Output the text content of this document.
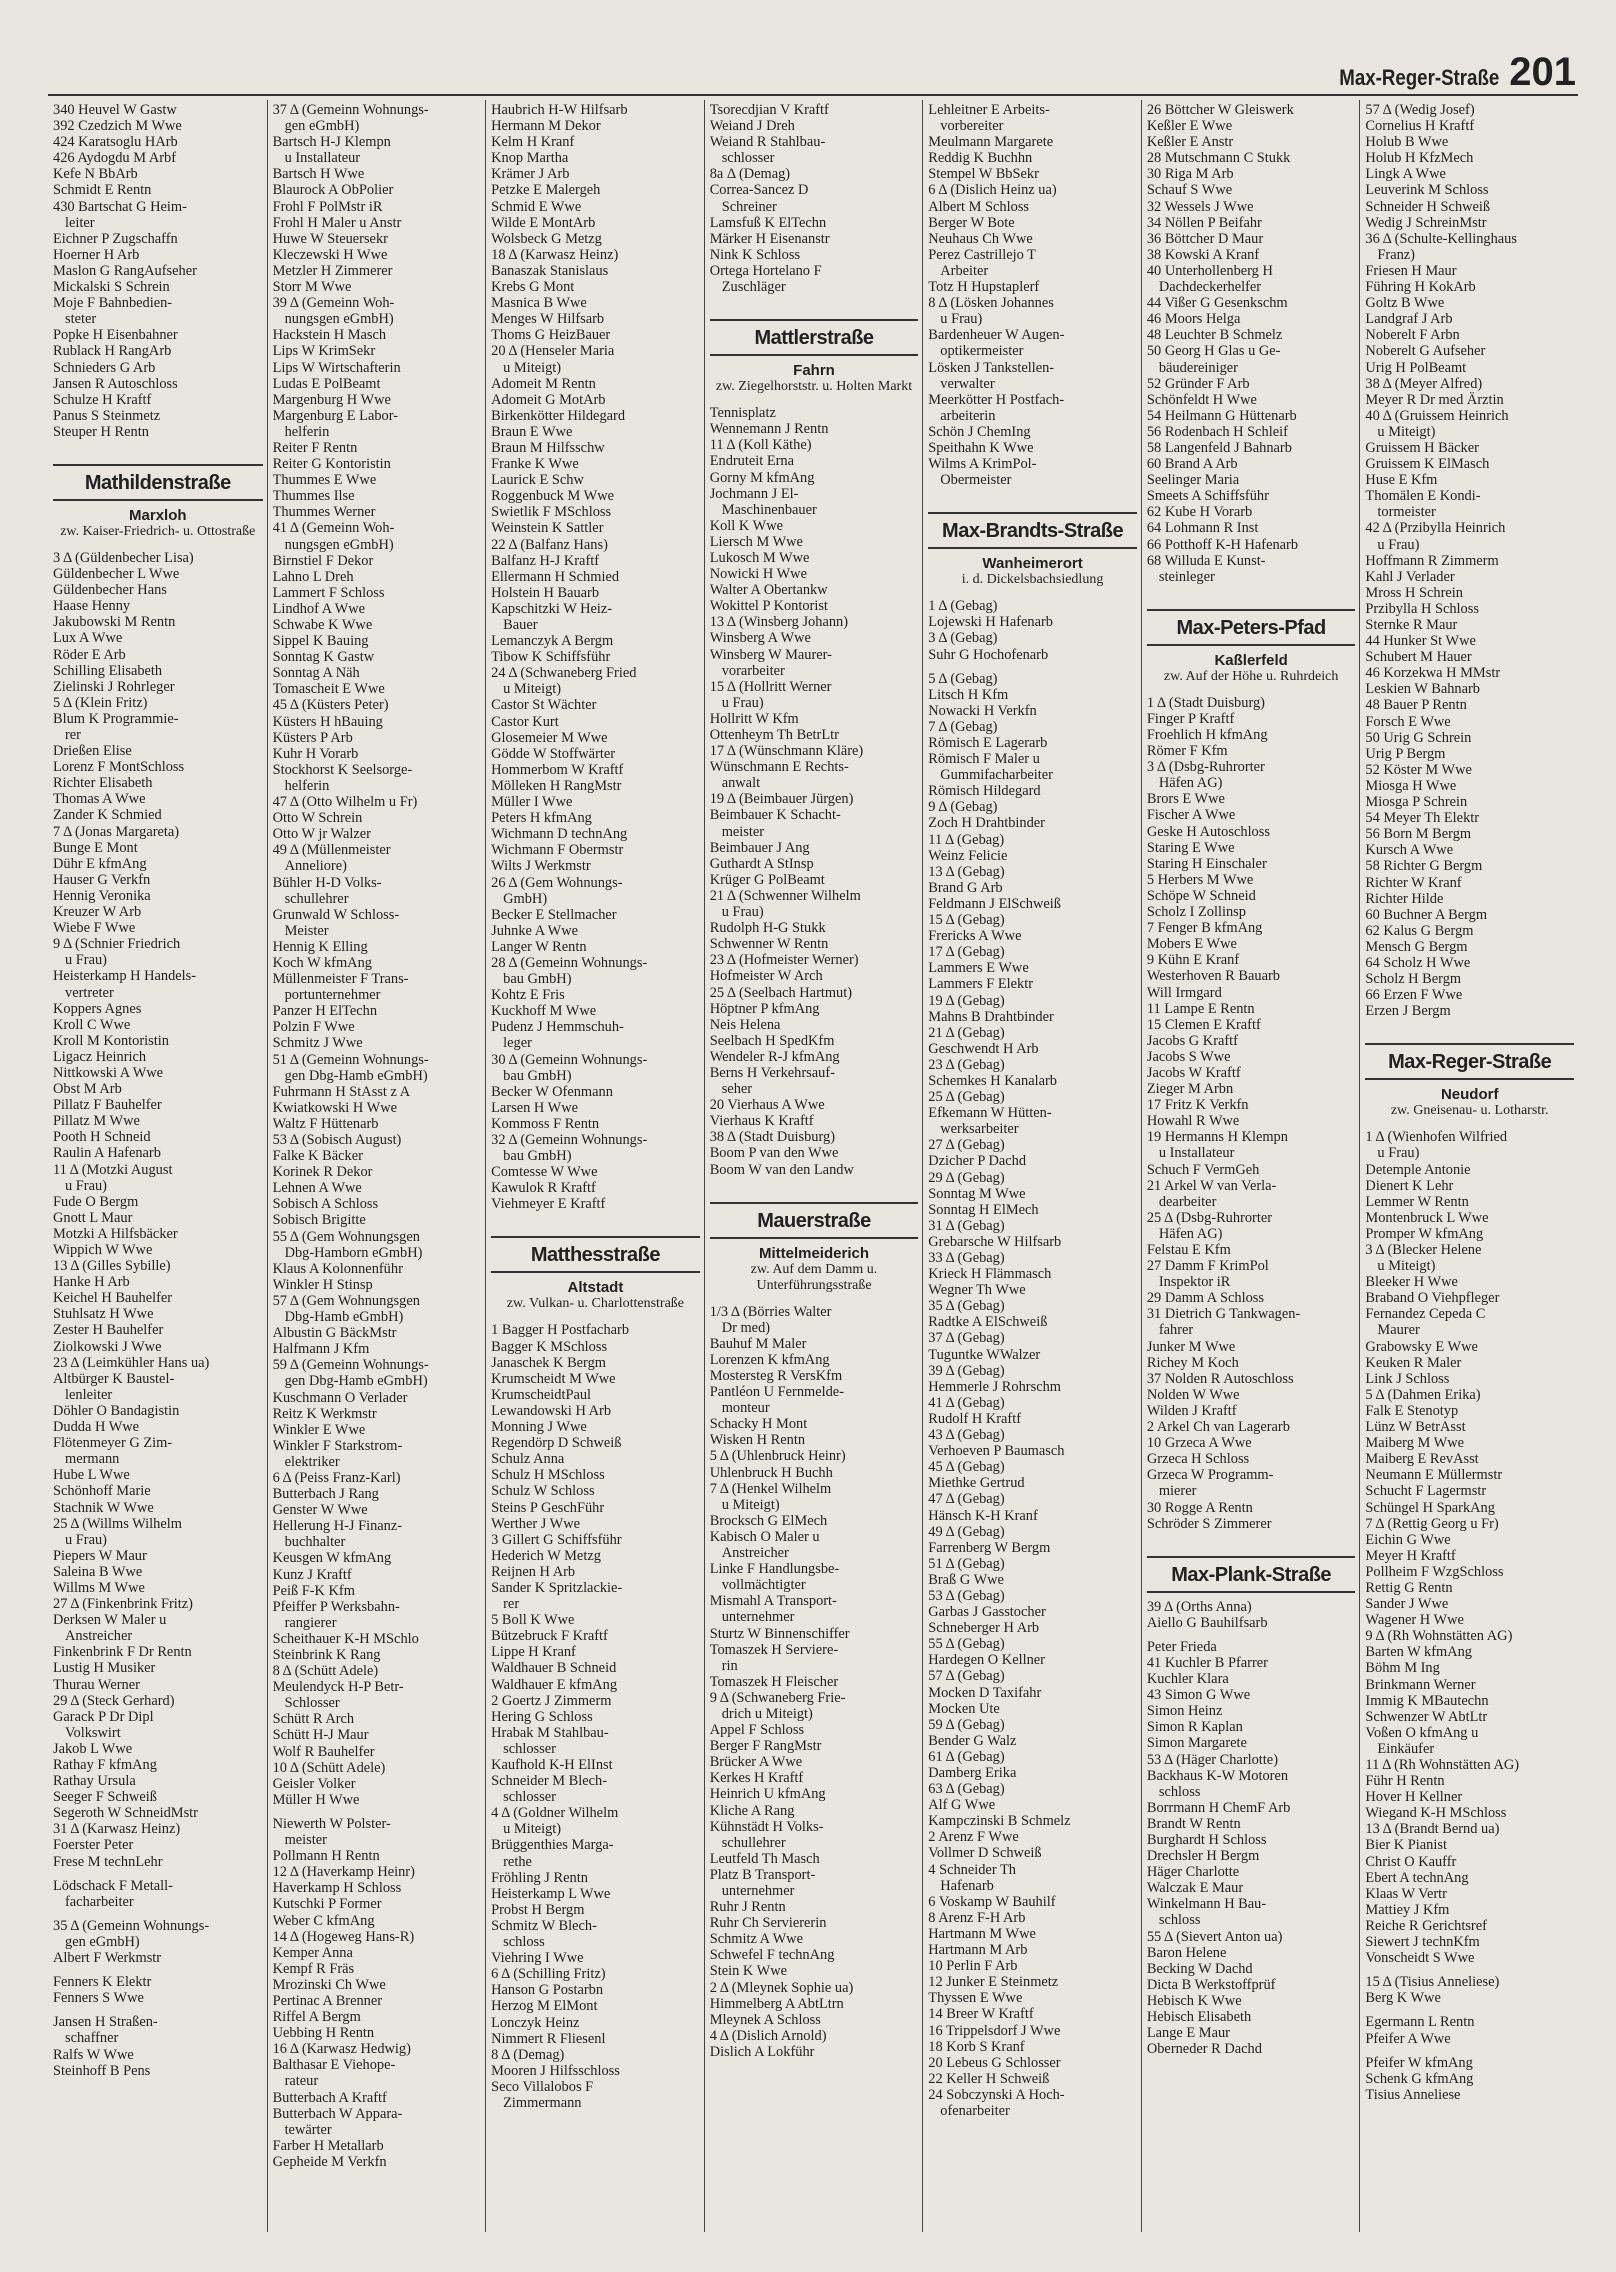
Max-Reger-Straße 201
340 Heuvel W Gastw
392 Czedzich M Wwe
424 Karatsoglu HArb
426 Aydogdu M Arbf
Kefe N BbArb
Schmidt E Rentn
430 Bartschat G Heim-
leiter
Eichner P Zugschaffn
Hoerner H Arb
Maslon G RangAufseher
Mickalski S Schrein
Moje F Bahnbedien-
steter
Popke H Eisenbahner
Rublack H RangArb
Schnieders G Arb
Jansen R Autoschloss
Schulze H Kraftf
Panus S Steinmetz
Steuper H Rentn
Mathildenstraße
Marxloh
zw. Kaiser-Friedrich- u. Ottostraße
3 Δ (Güldenbecher Lisa)
Güldenbecher L Wwe
Güldenbecher Hans
Haase Henny
Jakubowski M Rentn
Lux A Wwe
Röder E Arb
Schilling Elisabeth
Zielinski J Rohrleger
5 Δ (Klein Fritz)
Blum K Programmie-
rer
Drießen Elise
Lorenz F MontSchloss
Richter Elisabeth
Thomas A Wwe
Zander K Schmied
7 Δ (Jonas Margareta)
Bunge E Mont
Dühr E kfmAng
Hauser G Verkfn
Hennig Veronika
Kreuzer W Arb
Wiebe F Wwe
9 Δ (Schnier Friedrich
u Frau)
Heisterkamp H Handels-
vertreter
Koppers Agnes
Kroll C Wwe
Kroll M Kontoristin
Ligacz Heinrich
Nittkowski A Wwe
Obst M Arb
Pillatz F Bauhelfer
Pillatz M Wwe
Pooth H Schneid
Raulin A Hafenarb
11 Δ (Motzki August
u Frau)
Fude O Bergm
Gnott L Maur
Motzki A Hilfsbäcker
Wippich W Wwe
13 Δ (Gilles Sybille)
Hanke H Arb
Keichel H Bauhelfer
Stuhlsatz H Wwe
Zester H Bauhelfer
Ziolkowski J Wwe
23 Δ (Leimkühler Hans ua)
Altbürger K Baustel-
lenleiter
Döhler O Bandagistin
Dudda H Wwe
Flötenmeyer G Zim-
mermann
Hube L Wwe
Schönhoff Marie
Stachnik W Wwe
25 Δ (Willms Wilhelm
u Frau)
Piepers W Maur
Saleina B Wwe
Willms M Wwe
27 Δ (Finkenbrink Fritz)
Derksen W Maler u
Anstreicher
Finkenbrink F Dr Rentn
Lustig H Musiker
Thurau Werner
29 Δ (Steck Gerhard)
Garack P Dr Dipl
Volkswirt
Jakob L Wwe
Rathay F kfmAng
Rathay Ursula
Seeger F Schweiß
Segeroth W SchneidMstr
31 Δ (Karwasz Heinz)
Foerster Peter
Frese M technLehr
Lödschack F Metall-
facharbeiter
35 Δ (Gemeinn Wohnungs-
gen eGmbH)
Albert F Werkmstr
Fenners K Elektr
Fenners S Wwe
Jansen H Straßen-
schaffner
Ralfs W Wwe
Steinhoff B Pens
37 Δ (Gemeinn Wohnungs-
gen eGmbH)
Bartsch H-J Klempn
u Installateur
Bartsch H Wwe
Blaurock A ObPolier
Frohl F PolMstr iR
Frohl H Maler u Anstr
Huwe W Steuersekr
Kleczewski H Wwe
Metzler H Zimmerer
Storr M Wwe
39 Δ (Gemeinn Woh-
nungsgen eGmbH)
Hackstein H Masch
Lips W KrimSekr
Lips W Wirtschafterin
Ludas E PolBeamt
Margenburg H Wwe
Margenburg E Labor-
helferin
Reiter F Rentn
Reiter G Kontoristin
Thummes E Wwe
Thummes Ilse
Thummes Werner
41 Δ (Gemeinn Woh-
nungsgen eGmbH)
Birnstiel F Dekor
Lahno L Dreh
Lammert F Schloss
Lindhof A Wwe
Schwabe K Wwe
Sippel K Bauing
Sonntag K Gastw
Sonntag A Näh
Tomascheit E Wwe
45 Δ (Küsters Peter)
Küsters H hBauing
Küsters P Arb
Kuhr H Vorarb
Stockhorst K Seelsorge-
helferin
47 Δ (Otto Wilhelm u Fr)
Otto W Schrein
Otto W jr Walzer
49 Δ (Müllenmeister
Anneliore)
Bühler H-D Volks-
schullehrer
Grunwald W Schloss-
Meister
Hennig K Elling
Koch W kfmAng
Müllenmeister F Trans-
portunternehmer
Panzer H ElTechn
Polzin F Wwe
Schmitz J Wwe
51 Δ (Gemeinn Wohnungs-
gen Dbg-Hamb eGmbH)
Fuhrmann H StAsst z A
Kwiatkowski H Wwe
Waltz F Hüttenarb
53 Δ (Sobisch August)
Falke K Bäcker
Korinek R Dekor
Lehnen A Wwe
Sobisch A Schloss
Sobisch Brigitte
55 Δ (Gem Wohnungsgen
Dbg-Hamborn eGmbH)
Klaus A Kolonnenführ
Winkler H Stinsp
57 Δ (Gem Wohnungsgen
Dbg-Hamb eGmbH)
Albustin G BäckMstr
Halfmann J Kfm
59 Δ (Gemeinn Wohnungs-
gen Dbg-Hamb eGmbH)
Kuschmann O Verlader
Reitz K Werkmstr
Winkler E Wwe
Winkler F Starkstrom-
elektriker
6 Δ (Peiss Franz-Karl)
Butterbach J Rang
Genster W Wwe
Hellerung H-J Finanz-
buchhalter
Keusgen W kfmAng
Kunz J Kraftf
Peiß F-K Kfm
Pfeiffer P Werksbahn-
rangierer
Scheithauer K-H MSchlo
Steinbrink K Rang
8 Δ (Schütt Adele)
Meulendyck H-P Betr-
Schlosser
Schütt R Arch
Schütt H-J Maur
Wolf R Bauhelfer
10 Δ (Schütt Adele)
Geisler Volker
Müller H Wwe
Niewerth W Polster-
meister
Pollmann H Rentn
12 Δ (Haverkamp Heinr)
Haverkamp H Schloss
Kutschki P Former
Weber C kfmAng
14 Δ (Hogeweg Hans-R)
Kemper Anna
Kempf R Fräs
Mrozinski Ch Wwe
Pertinac A Brenner
Riffel A Bergm
Uebbing H Rentn
16 Δ (Karwasz Hedwig)
Balthasar E Viehope-
rateur
Butterbach A Kraftf
Butterbach W Appara-
tewärter
Farber H Metallarb
Gepheide M Verkfn
Haubrich H-W Hilfsarb
Hermann M Dekor
Kelm H Kranf
Knop Martha
Krämer J Arb
Petzke E Malergeh
Schmid E Wwe
Wilde E MontArb
Wolsbeck G Metzg
18 Δ (Karwasz Heinz)
Banaszak Stanislaus
Krebs G Mont
Masnica B Wwe
Menges W Hilfsarb
Thoms G HeizBauer
20 Δ (Henseler Maria
u Miteigt)
Adomeit M Rentn
Adomeit G MotArb
Birkenkötter Hildegard
Braun E Wwe
Braun M Hilfsschw
Franke K Wwe
Laurick E Schw
Roggenbuck M Wwe
Swietlik F MSchloss
Weinstein K Sattler
22 Δ (Balfanz Hans)
Balfanz H-J Kraftf
Ellermann H Schmied
Holstein H Bauarb
Kapschitzki W Heiz-
Bauer
Lemanczyk A Bergm
Tibow K Schiffsführ
24 Δ (Schwaneberg Fried
u Miteigt)
Castor St Wächter
Castor Kurt
Glosemeier M Wwe
Gödde W Stoffwärter
Hommerbom W Kraftf
Mölleken H RangMstr
Müller I Wwe
Peters H kfmAng
Wichmann D technAng
Wichmann F Obermstr
Wilts J Werkmstr
26 Δ (Gem Wohnungs-
GmbH)
Becker E Stellmacher
Juhnke A Wwe
Langer W Rentn
28 Δ (Gemeinn Wohnungs-
bau GmbH)
Kohtz E Fris
Kuckhoff M Wwe
Pudenz J Hemmschuh-
leger
30 Δ (Gemeinn Wohnungs-
bau GmbH)
Becker W Ofenmann
Larsen H Wwe
Kommoss F Rentn
32 Δ (Gemeinn Wohnungs-
bau GmbH)
Comtesse W Wwe
Kawulok R Kraftf
Viehmeyer E Kraftf
Matthesstraße
Altstadt
zw. Vulkan- u. Charlottenstraße
1 Bagger H Postfacharb
Bagger K MSchloss
Janaschek K Bergm
Krumscheidt M Wwe
KrumscheidtPaul
Lewandowski H Arb
Monning J Wwe
Regendörp D Schweiß
Schulz Anna
Schulz H MSchloss
Schulz W Schloss
Steins P GeschFühr
Werther J Wwe
3 Gillert G Schiffsführ
Hederich W Metzg
Reijnen H Arb
Sander K Spritzlackie-
rer
5 Boll K Wwe
Bützebruck F Kraftf
Lippe H Kranf
Waldhauer B Schneid
Waldhauer E kfmAng
2 Goertz J Zimmerm
Hering G Schloss
Hrabak M Stahlbau-
schlosser
Kaufhold K-H ElInst
Schneider M Blech-
schlosser
4 Δ (Goldner Wilhelm
u Miteigt)
Brüggenthies Marga-
rethe
Fröhling J Rentn
Heisterkamp L Wwe
Probst H Bergm
Schmitz W Blech-
schloss
Viehring I Wwe
6 Δ (Schilling Fritz)
Hanson G Postarbn
Herzog M ElMont
Lonczyk Heinz
Nimmert R Fliesenl
8 Δ (Demag)
Mooren J Hilfsschloss
Seco Villalobos F
Zimmermann
Tsorecdjian V Kraftf
Weiand J Dreh
Weiand R Stahlbau-
schlosser
8a Δ (Demag)
Correa-Sancez D
Schreiner
Lamsfuß K ElTechn
Märker H Eisenanstr
Nink K Schloss
Ortega Hortelano F
Zuschläger
Mattlerstraße
Fahrn
zw. Ziegelhorststr. u. Holten Markt
Tennisplatz
Wennemann J Rentn
11 Δ (Koll Käthe)
Endruteit Erna
Gorny M kfmAng
Jochmann J El-
Maschinenbauer
Koll K Wwe
Liersch M Wwe
Lukosch M Wwe
Nowicki H Wwe
Walter A Obertankw
Wokittel P Kontorist
13 Δ (Winsberg Johann)
Winsberg A Wwe
Winsberg W Maurer-
vorarbeiter
15 Δ (Hollritt Werner
u Frau)
Hollritt W Kfm
Ottenheym Th BetrLtr
17 Δ (Wünschmann Kläre)
Wünschmann E Rechts-
anwalt
19 Δ (Beimbauer Jürgen)
Beimbauer K Schacht-
meister
Beimbauer J Ang
Guthardt A StInsp
Krüger G PolBeamt
21 Δ (Schwenner Wilhelm
u Frau)
Rudolph H-G Stukk
Schwenner W Rentn
23 Δ (Hofmeister Werner)
Hofmeister W Arch
25 Δ (Seelbach Hartmut)
Höptner P kfmAng
Neis Helena
Seelbach H SpedKfm
Wendeler R-J kfmAng
Berns H Verkehrsauf-
seher
20 Vierhaus A Wwe
Vierhaus K Kraftf
38 Δ (Stadt Duisburg)
Boom P van den Wwe
Boom W van den Landw
Mauerstraße
Mittelmeiderich
zw. Auf dem Damm u. Unterführungsstraße
1/3 Δ (Börries Walter
Dr med)
Bauhuf M Maler
Lorenzen K kfmAng
Mostersteg R VersKfm
Pantléon U Fernmelde-
monteur
Schacky H Mont
Wisken H Rentn
5 Δ (Uhlenbruck Heinr)
Uhlenbruck H Buchh
7 Δ (Henkel Wilhelm
u Miteigt)
Brocksch G ElMech
Kabisch O Maler u
Anstreicher
Linke F Handlungsbe-
vollmächtigter
Mismahl A Transport-
unternehmer
Sturtz W Binnenschiffer
Tomaszek H Serviere-
rin
Tomaszek H Fleischer
9 Δ (Schwaneberg Frie-
drich u Miteigt)
Appel F Schloss
Berger F RangMstr
Brücker A Wwe
Kerkes H Kraftf
Heinrich U kfmAng
Kliche A Rang
Kühnstädt H Volks-
schullehrer
Leutfeld Th Masch
Platz B Transport-
unternehmer
Ruhr J Rentn
Ruhr Ch Serviererin
Schmitz A Wwe
Schwefel F technAng
Stein K Wwe
2 Δ (Mleynek Sophie ua)
Himmelberg A AbtLtrn
Mleynek A Schloss
4 Δ (Dislich Arnold)
Dislich A Lokführ
Lehleitner E Arbeits-
vorbereiter
Meulmann Margarete
Reddig K Buchhn
Stempel W BbSekr
6 Δ (Dislich Heinz ua)
Albert M Schloss
Berger W Bote
Neuhaus Ch Wwe
Perez Castrillejo T
Arbeiter
Totz H Hupstaplerf
8 Δ (Lösken Johannes
u Frau)
Bardenheuer W Augen-
optikermeister
Lösken J Tankstellen-
verwalter
Meerkötter H Postfach-
arbeiterin
Schön J ChemIng
Speithahn K Wwe
Wilms A KrimPol-
Obermeister
Max-Brandts-Straße
Wanheimerort
i. d. Dickelsbachsiedlung
1 Δ (Gebag)
Lojewski H Hafenarb
3 Δ (Gebag)
Suhr G Hochofenarb
5 Δ (Gebag)
Litsch H Kfm
Nowacki H Verkfn
7 Δ (Gebag)
Römisch E Lagerarb
Römisch F Maler u
Gummifacharbeiter
Römisch Hildegard
9 Δ (Gebag)
Zoch H Drahtbinder
11 Δ (Gebag)
Weinz Felicie
13 Δ (Gebag)
Brand G Arb
Feldmann J ElSchweiß
15 Δ (Gebag)
Frericks A Wwe
17 Δ (Gebag)
Lammers E Wwe
Lammers F Elektr
19 Δ (Gebag)
Mahns B Drahtbinder
21 Δ (Gebag)
Geschwendt H Arb
23 Δ (Gebag)
Schemkes H Kanalarb
25 Δ (Gebag)
Efkemann W Hütten-
werksarbeiter
27 Δ (Gebag)
Dzicher P Dachd
29 Δ (Gebag)
Sonntag M Wwe
Sonntag H ElMech
31 Δ (Gebag)
Grebarsche W Hilfsarb
33 Δ (Gebag)
Krieck H Flämmasch
Wegner Th Wwe
35 Δ (Gebag)
Radtke A ElSchweiß
37 Δ (Gebag)
Tuguntke WWalzer
39 Δ (Gebag)
Hemmerle J Rohrschm
41 Δ (Gebag)
Rudolf H Kraftf
43 Δ (Gebag)
Verhoeven P Baumasch
45 Δ (Gebag)
Miethke Gertrud
47 Δ (Gebag)
Hänsch K-H Kranf
49 Δ (Gebag)
Farrenberg W Bergm
51 Δ (Gebag)
Braß G Wwe
53 Δ (Gebag)
Garbas J Gasstocher
Schneberger H Arb
55 Δ (Gebag)
Hardegen O Kellner
57 Δ (Gebag)
Mocken D Taxifahr
Mocken Ute
59 Δ (Gebag)
Bender G Walz
61 Δ (Gebag)
Damberg Erika
63 Δ (Gebag)
Alf G Wwe
Kampczinski B Schmelz
2 Arenz F Wwe
Vollmer D Schweiß
4 Schneider Th
Hafenarb
6 Voskamp W Bauhilf
8 Arenz F-H Arb
Hartmann M Wwe
Hartmann M Arb
10 Perlin F Arb
12 Junker E Steinmetz
Thyssen E Wwe
14 Breer W Kraftf
16 Trippelsdorf J Wwe
18 Korb S Kranf
20 Lebeus G Schlosser
22 Keller H Schweiß
24 Sobczynski A Hoch-
ofenarbeiter
26 Böttcher W Gleiswerk
Keßler E Wwe
Keßler E Anstr
28 Mutschmann C Stukk
30 Riga M Arb
Schauf S Wwe
32 Wessels J Wwe
34 Nöllen P Beifahr
36 Böttcher D Maur
38 Kowski A Kranf
40 Unterhollenberg H
Dachdeckerhelfer
44 Vißer G Gesenkschm
46 Moors Helga
48 Leuchter B Schmelz
50 Georg H Glas u Ge-
bäudereiniger
52 Gründer F Arb
Schönfeldt H Wwe
54 Heilmann G Hüttenarb
56 Rodenbach H Schleif
58 Langenfeld J Bahnarb
60 Brand A Arb
Seelinger Maria
Smeets A Schiffsführ
62 Kube H Vorarb
64 Lohmann R Inst
66 Potthoff K-H Hafenarb
68 Willuda E Kunst-
steinleger
Max-Peters-Pfad
Kaßlerfeld
zw. Auf der Höhe u. Ruhrdeich
1 Δ (Stadt Duisburg)
Finger P Kraftf
Froehlich H kfmAng
Römer F Kfm
3 Δ (Dsbg-Ruhrorter
Häfen AG)
Brors E Wwe
Fischer A Wwe
Geske H Autoschloss
Staring E Wwe
Staring H Einschaler
5 Herbers M Wwe
Schöpe W Schneid
Scholz I Zollinsp
7 Fenger B kfmAng
Mobers E Wwe
9 Kühn E Kranf
Westerhoven R Bauarb
Will Irmgard
11 Lampe E Rentn
15 Clemen E Kraftf
Jacobs G Kraftf
Jacobs S Wwe
Jacobs W Kraftf
Zieger M Arbn
17 Fritz K Verkfn
Howahl R Wwe
19 Hermanns H Klempn
u Installateur
Schuch F VermGeh
21 Arkel W van Verla-
dearbeiter
25 Δ (Dsbg-Ruhrorter
Häfen AG)
Felstau E Kfm
27 Damm F KrimPol
Inspektor iR
29 Damm A Schloss
31 Dietrich G Tankwagen-
fahrer
Junker M Wwe
Richey M Koch
37 Nolden R Autoschloss
Nolden W Wwe
Wilden J Kraftf
2 Arkel Ch van Lagerarb
10 Grzeca A Wwe
Grzeca H Schloss
Grzeca W Programm-
mierer
30 Rogge A Rentn
Schröder S Zimmerer
Max-Plank-Straße
39 Δ (Orths Anna)
Aiello G Bauhilfsarb
Peter Frieda
41 Kuchler B Pfarrer
Kuchler Klara
43 Simon G Wwe
Simon Heinz
Simon R Kaplan
Simon Margarete
53 Δ (Häger Charlotte)
Backhaus K-W Motoren
schloss
Borrmann H ChemF Arb
Brandt W Rentn
Burghardt H Schloss
Drechsler H Bergm
Häger Charlotte
Walczak E Maur
Winkelmann H Bau-
schloss
55 Δ (Sievert Anton ua)
Baron Helene
Becking W Dachd
Dicta B Werkstoffprüf
Hebisch K Wwe
Hebisch Elisabeth
Lange E Maur
Oberneder R Dachd
57 Δ (Wedig Josef)
Cornelius H Kraftf
Holub B Wwe
Holub H KfzMech
Lingk A Wwe
Leuverink M Schloss
Schneider H Schweiß
Wedig J SchreinMstr
36 Δ (Schulte-Kellinghaus
Franz)
Friesen H Maur
Führing H KokArb
Goltz B Wwe
Landgraf J Arb
Noberelt F Arbn
Noberelt G Aufseher
Urig H PolBeamt
38 Δ (Meyer Alfred)
Meyer R Dr med Ärztin
40 Δ (Gruissem Heinrich
u Miteigt)
Gruissem H Bäcker
Gruissem K ElMasch
Huse E Kfm
Thomälen E Kondi-
tormeister
42 Δ (Przibylla Heinrich
u Frau)
Hoffmann R Zimmerm
Kahl J Verlader
Mross H Schrein
Przibylla H Schloss
Sternke R Maur
44 Hunker St Wwe
Schubert M Hauer
46 Korzekwa H MMstr
Leskien W Bahnarb
48 Bauer P Rentn
Forsch E Wwe
50 Urig G Schrein
Urig P Bergm
52 Köster M Wwe
Miosga H Wwe
Miosga P Schrein
54 Meyer Th Elektr
56 Born M Bergm
Kursch A Wwe
58 Richter G Bergm
Richter W Kranf
Richter Hilde
60 Buchner A Bergm
62 Kalus G Bergm
Mensch G Bergm
64 Scholz H Wwe
Scholz H Bergm
66 Erzen F Wwe
Erzen J Bergm
Max-Reger-Straße
Neudorf
zw. Gneisenau- u. Lotharstr.
1 Δ (Wienhofen Wilfried
u Frau)
Detemple Antonie
Dienert K Lehr
Lemmer W Rentn
Montenbruck L Wwe
Promper W kfmAng
3 Δ (Blecker Helene
u Miteigt)
Bleeker H Wwe
Braband O Viehpfleger
Fernandez Cepeda C
Maurer
Grabowsky E Wwe
Keuken R Maler
Link J Schloss
5 Δ (Dahmen Erika)
Falk E Stenotyp
Lünz W BetrAsst
Maiberg M Wwe
Maiberg E RevAsst
Neumann E Müllermstr
Schucht F Lagermstr
Schüngel H SparkAng
7 Δ (Rettig Georg u Fr)
Eichin G Wwe
Meyer H Kraftf
Pollheim F WzgSchloss
Rettig G Rentn
Sander J Wwe
Wagener H Wwe
9 Δ (Rh Wohnstätten AG)
Barten W kfmAng
Böhm M Ing
Brinkmann Werner
Immig K MBautechn
Schwenzer W AbtLtr
Voßen O kfmAng u
Einkäufer
11 Δ (Rh Wohnstätten AG)
Führ H Rentn
Hover H Kellner
Wiegand K-H MSchloss
13 Δ (Brandt Bernd ua)
Bier K Pianist
Christ O Kauffr
Ebert A technAng
Klaas W Vertr
Mattiey J Kfm
Reiche R Gerichtsref
Siewert J technKfm
Vonscheidt S Wwe
15 Δ (Tisius Anneliese)
Berg K Wwe
Egermann L Rentn
Pfeifer A Wwe
Pfeifer W kfmAng
Schenk G kfmAng
Tisius Anneliese
